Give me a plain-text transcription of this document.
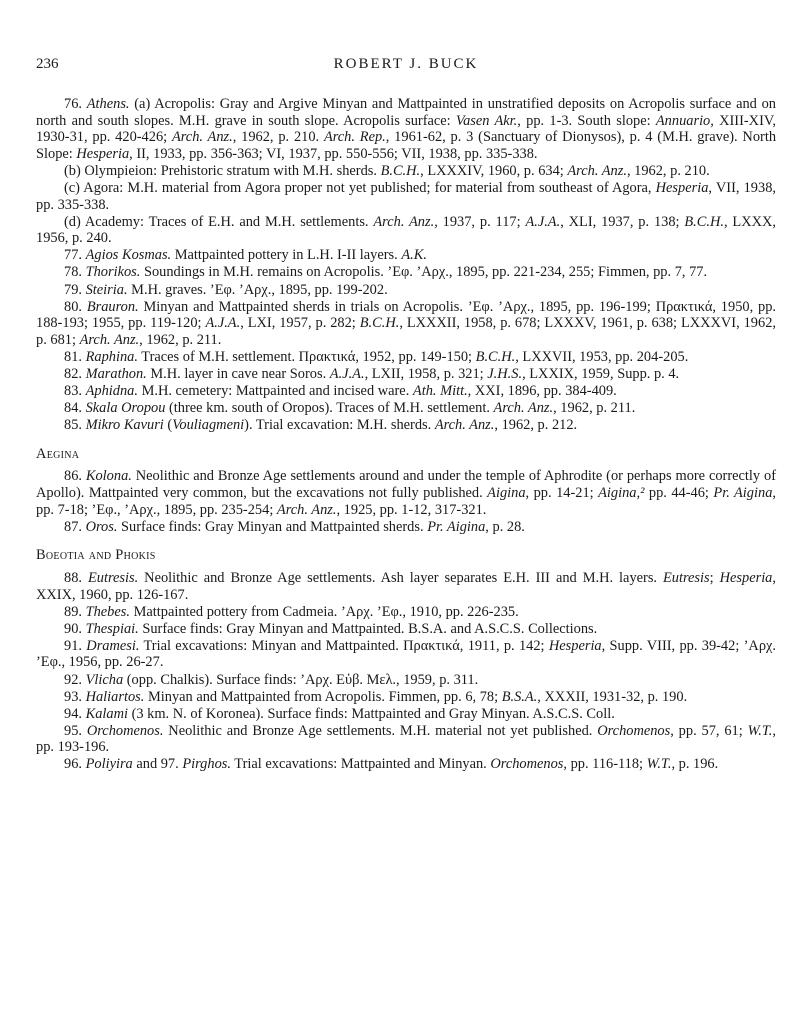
236	ROBERT J. BUCK

76. Athens. (a) Acropolis: Gray and Argive Minyan and Mattpainted in unstratified deposits on Acropolis surface and on north and south slopes. M.H. grave in south slope. Acropolis surface: Vasen Akr., pp. 1-3. South slope: Annuario, XIII-XIV, 1930-31, pp. 420-426; Arch. Anz., 1962, p. 210. Arch. Rep., 1961-62, p. 3 (Sanctuary of Dionysos), p. 4 (M.H. grave). North Slope: Hesperia, II, 1933, pp. 356-363; VI, 1937, pp. 550-556; VII, 1938, pp. 335-338.

(b) Olympieion: Prehistoric stratum with M.H. sherds. B.C.H., LXXXIV, 1960, p. 634; Arch. Anz., 1962, p. 210.

(c) Agora: M.H. material from Agora proper not yet published; for material from southeast of Agora, Hesperia, VII, 1938, pp. 335-338.

(d) Academy: Traces of E.H. and M.H. settlements. Arch. Anz., 1937, p. 117; A.J.A., XLI, 1937, p. 138; B.C.H., LXXX, 1956, p. 240.

77. Agios Kosmas. Mattpainted pottery in L.H. I-II layers. A.K.

78. Thorikos. Soundings in M.H. remains on Acropolis. ’Εφ. ’Αρχ., 1895, pp. 221-234, 255; Fimmen, pp. 7, 77.

79. Steiria. M.H. graves. ’Εφ. ’Αρχ., 1895, pp. 199-202.

80. Brauron. Minyan and Mattpainted sherds in trials on Acropolis. ’Εφ. ’Αρχ., 1895, pp. 196-199; Πρακτικά, 1950, pp. 188-193; 1955, pp. 119-120; A.J.A., LXI, 1957, p. 282; B.C.H., LXXXII, 1958, p. 678; LXXXV, 1961, p. 638; LXXXVI, 1962, p. 681; Arch. Anz., 1962, p. 211.

81. Raphina. Traces of M.H. settlement. Πρακτικά, 1952, pp. 149-150; B.C.H., LXXVII, 1953, pp. 204-205.

82. Marathon. M.H. layer in cave near Soros. A.J.A., LXII, 1958, p. 321; J.H.S., LXXIX, 1959, Supp. p. 4.

83. Aphidna. M.H. cemetery: Mattpainted and incised ware. Ath. Mitt., XXI, 1896, pp. 384-409.

84. Skala Oropou (three km. south of Oropos). Traces of M.H. settlement. Arch. Anz., 1962, p. 211.

85. Mikro Kavuri (Vouliagmeni). Trial excavation: M.H. sherds. Arch. Anz., 1962, p. 212.

Aegina

86. Kolona. Neolithic and Bronze Age settlements around and under the temple of Aphrodite (or perhaps more correctly of Apollo). Mattpainted very common, but the excavations not fully published. Aigina, pp. 14-21; Aigina,² pp. 44-46; Pr. Aigina, pp. 7-18; ’Εφ., ’Αρχ., 1895, pp. 235-254; Arch. Anz., 1925, pp. 1-12, 317-321.

87. Oros. Surface finds: Gray Minyan and Mattpainted sherds. Pr. Aigina, p. 28.

Boeotia and Phokis

88. Eutresis. Neolithic and Bronze Age settlements. Ash layer separates E.H. III and M.H. layers. Eutresis; Hesperia, XXIX, 1960, pp. 126-167.

89. Thebes. Mattpainted pottery from Cadmeia. ’Αρχ. ’Εφ., 1910, pp. 226-235.

90. Thespiai. Surface finds: Gray Minyan and Mattpainted. B.S.A. and A.S.C.S. Collections.

91. Dramesi. Trial excavations: Minyan and Mattpainted. Πρακτικά, 1911, p. 142; Hesperia, Supp. VIII, pp. 39-42; ’Αρχ. ’Εφ., 1956, pp. 26-27.

92. Vlicha (opp. Chalkis). Surface finds: ’Αρχ. Εὐβ. Μελ., 1959, p. 311.

93. Haliartos. Minyan and Mattpainted from Acropolis. Fimmen, pp. 6, 78; B.S.A., XXXII, 1931-32, p. 190.

94. Kalami (3 km. N. of Koronea). Surface finds: Mattpainted and Gray Minyan. A.S.C.S. Coll.

95. Orchomenos. Neolithic and Bronze Age settlements. M.H. material not yet published. Orchomenos, pp. 57, 61; W.T., pp. 193-196.

96. Poliyira and 97. Pirghos. Trial excavations: Mattpainted and Minyan. Orchomenos, pp. 116-118; W.T., p. 196.
